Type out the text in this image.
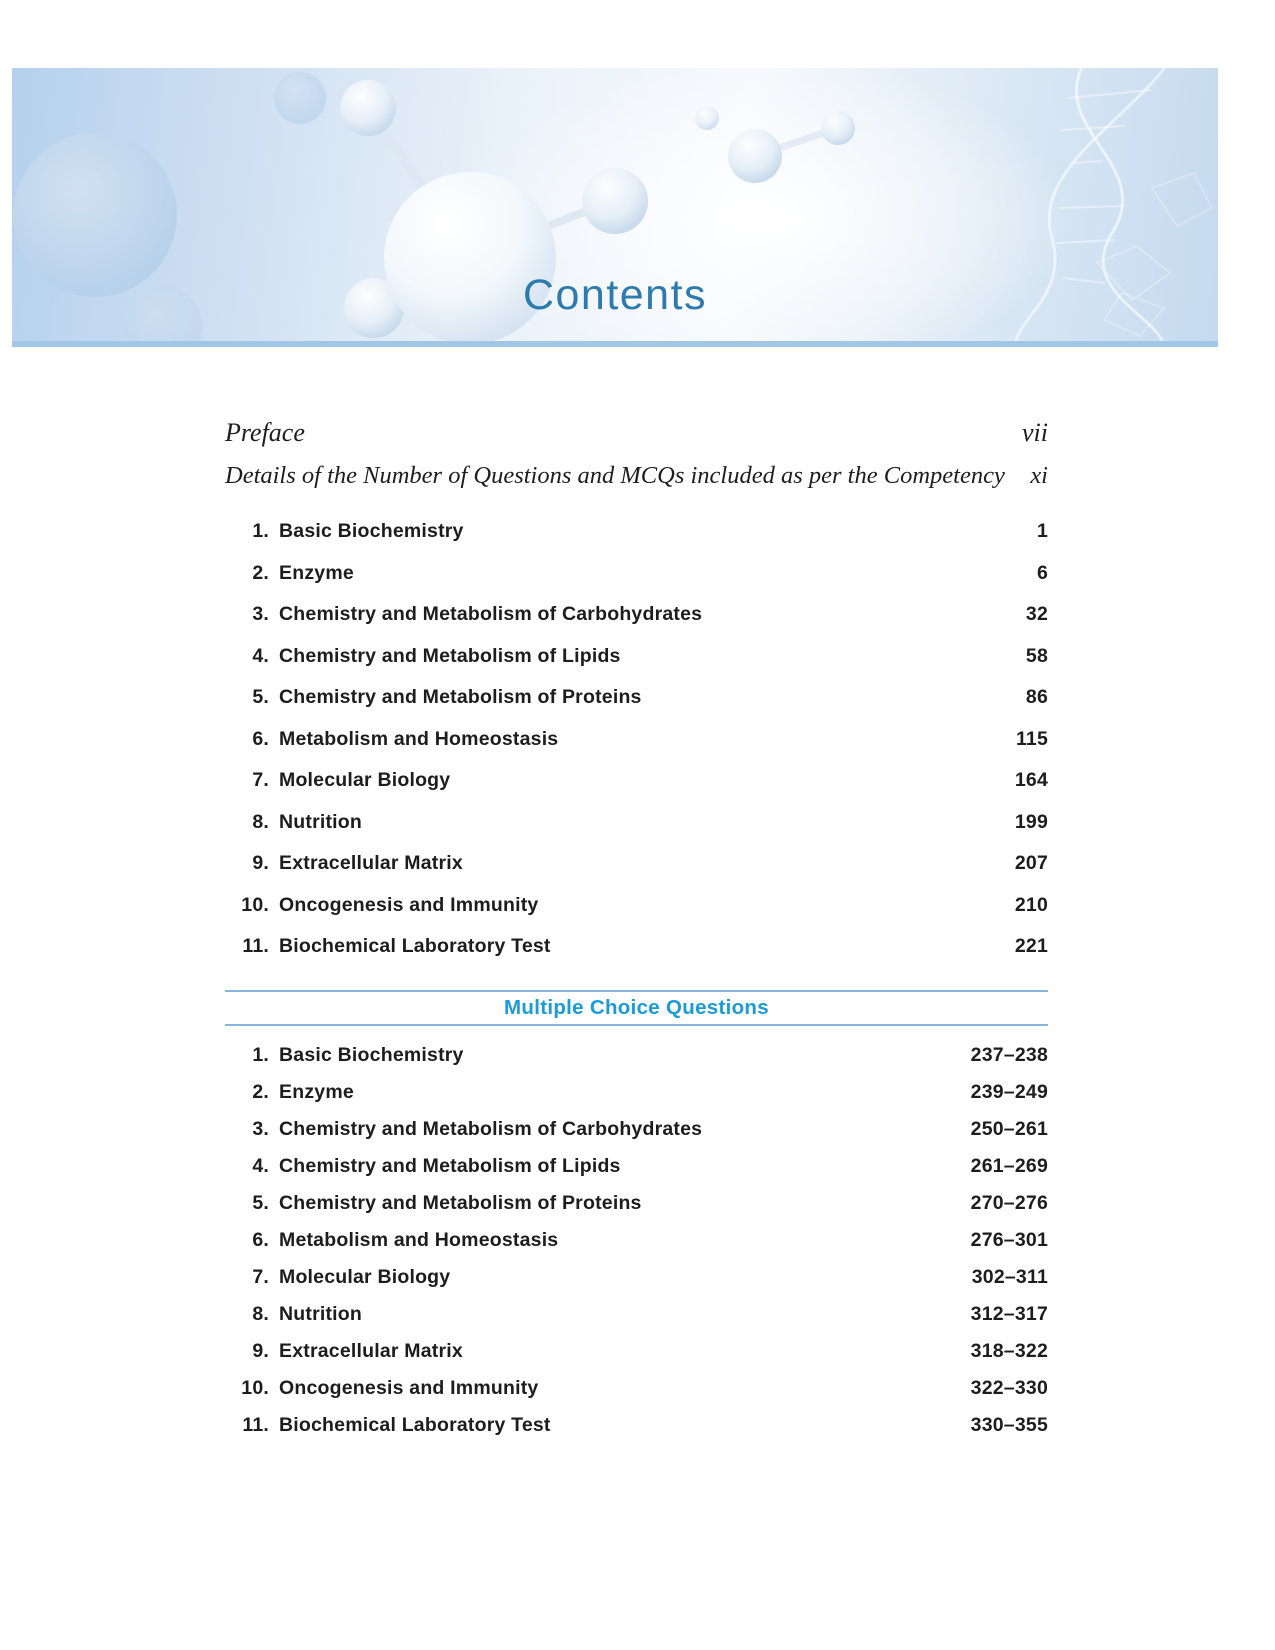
Contents
Preface	vii
Details of the Number of Questions and MCQs included as per the Competency xi
1. Basic Biochemistry	1
2. Enzyme	6
3. Chemistry and Metabolism of Carbohydrates	32
4. Chemistry and Metabolism of Lipids	58
5. Chemistry and Metabolism of Proteins	86
6. Metabolism and Homeostasis	115
7. Molecular Biology	164
8. Nutrition	199
9. Extracellular Matrix	207
10. Oncogenesis and Immunity	210
11. Biochemical Laboratory Test	221
Multiple Choice Questions
1. Basic Biochemistry	237–238
2. Enzyme	239–249
3. Chemistry and Metabolism of Carbohydrates	250–261
4. Chemistry and Metabolism of Lipids	261–269
5. Chemistry and Metabolism of Proteins	270–276
6. Metabolism and Homeostasis	276–301
7. Molecular Biology	302–311
8. Nutrition	312–317
9. Extracellular Matrix	318–322
10. Oncogenesis and Immunity	322–330
11. Biochemical Laboratory Test	330–355
